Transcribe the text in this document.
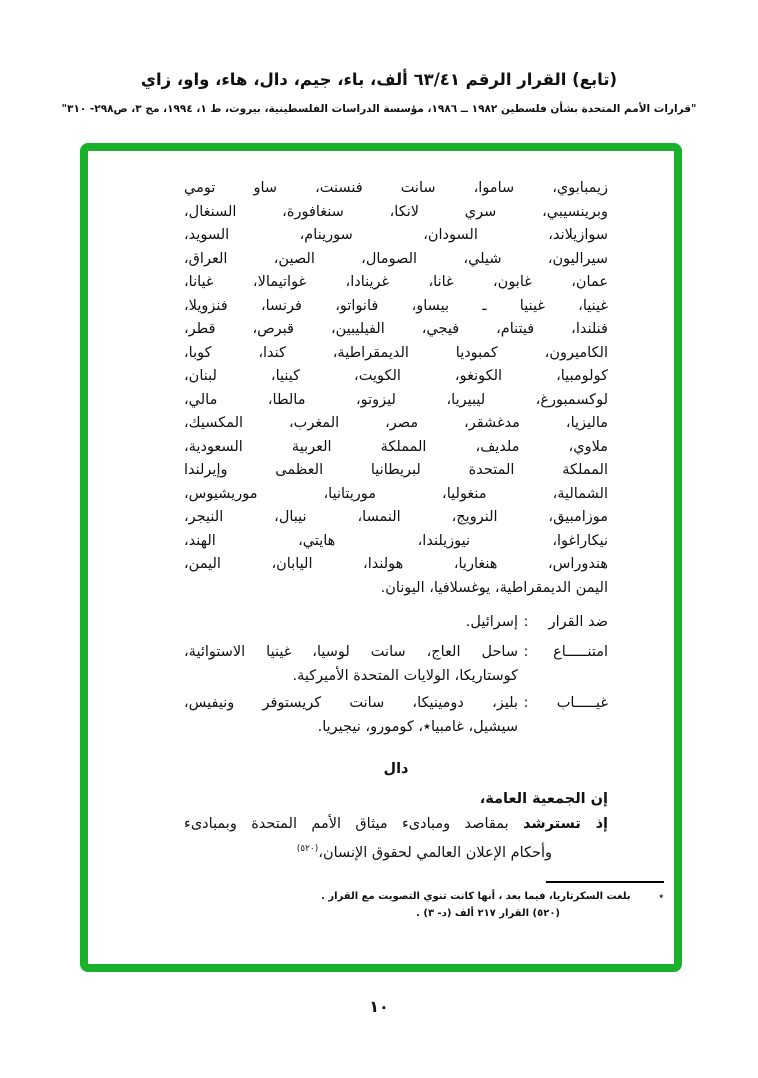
(تابع) القرار الرقم ٦٣/٤١ ألف، باء، جيم، دال، هاء، واو، زاي
"قرارات الأمم المتحدة بشأن فلسطين ١٩٨٢ ــ ١٩٨٦، مؤسسة الدراسات الفلسطينية، بيروت، ط ١، ١٩٩٤، مج ٣، ص٢٩٨- ٣١٠"
زيمبابوي، ساموا، سانت فنسنت، ساو تومي
وبرينسيبي، سري لانكا، سنغافورة، السنغال،
سوازيلاند، السودان، سورينام، السويد،
سيراليون، شيلي، الصومال، الصين، العراق،
عمان، غابون، غانا، غرينادا، غواتيمالا، غيانا،
غينيا، غينيا ـ بيساو، فانواتو، فرنسا، فنزويلا،
فنلندا، فيتنام، فيجي، الفيليبين، قبرص، قطر،
الكاميرون، كمبوديا الديمقراطية، كندا، كوبا،
كولومبيا، الكونغو، الكويت، كينيا، لبنان،
لوكسمبورغ، ليبيريا، ليزوتو، مالطا، مالي،
ماليزيا، مدغشقر، مصر، المغرب، المكسيك،
ملاوي، ملديف، المملكة العربية السعودية،
المملكة المتحدة لبريطانيا العظمى وإيرلندا
الشمالية، منغوليا، موريتانيا، موريشيوس،
موزامبيق، النرويج، النمسا، نيبال، النيجر،
نيكاراغوا، نيوزيلندا، هايتي، الهند،
هندوراس، هنغاريا، هولندا، اليابان، اليمن،
اليمن الديمقراطية، يوغسلافيا، اليونان.
ضد القرار
:
إسرائيل.
امتنـــــاع
:
ساحل العاج، سانت لوسيا، غينيا الاستوائية،
كوستاريكا، الولايات المتحدة الأميركية.
غيـــــاب
:
بليز، دومينيكا، سانت كريستوفر ونيفيس،
سيشيل، غامبيا٭، كومورو، نيجيريا.
دال
إن الجمعية العامة،
إذ تسترشد بمقاصد ومبادىء ميثاق الأمم المتحدة وبمبادىء
وأحكام الإعلان العالمي لحقوق الإنسان،$^{(٥٢٠)}$
٭بلغت السكرتاريا، فيما بعد ، أنها كانت تنوي التصويت مع القرار .
(٥٢٠) القرار ٢١٧ ألف (د- ٣) .
١٠
